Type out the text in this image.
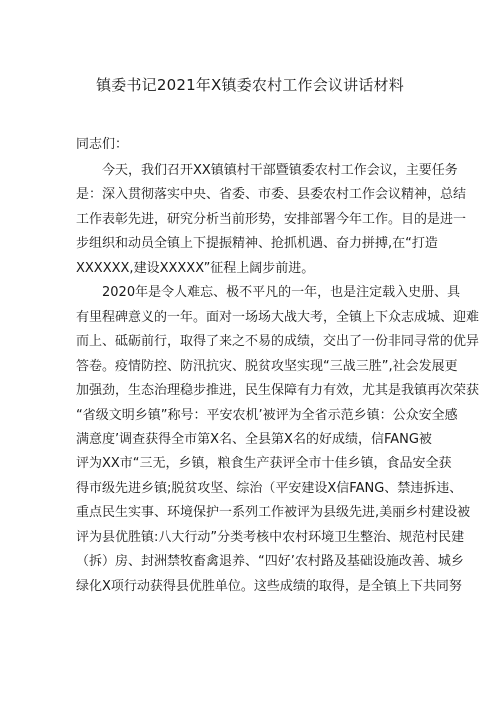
镇委书记2021年X镇委农村工作会议讲话材料
同志们：

今天，我们召开XX镇镇村干部暨镇委农村工作会议，主要任务
是：深入贯彻落实中央、省委、市委、县委农村工作会议精神，总结
工作表彰先进，研究分析当前形势，安排部署今年工作。目的是进一
步组织和动员全镇上下提振精神、抢抓机遇、奋力拼搏,在“打造
XXXXXX,建设XXXXX”征程上阔步前进。

2020年是令人难忘、极不平凡的一年，也是注定载入史册、具
有里程碑意义的一年。面对一场场大战大考，全镇上下众志成城、迎难
而上、砥砺前行，取得了来之不易的成绩，交出了一份非同寻常的优异
答卷。疫情防控、防汛抗灾、脱贫攻坚实现“三战三胜”,社会发展更
加强劲，生态治理稳步推进，民生保障有力有效，尤其是我镇再次荣获
“省级文明乡镇”称号：平安农机’被评为全省示范乡镇：公众安全感
满意度’调查获得全市第X名、全县第X名的好成绩，信FANG被
评为XX市“三无，乡镇，粮食生产获评全市十佳乡镇，食品安全获
得市级先进乡镇;脱贫攻坚、综治（平安建设X信FANG、禁违拆违、
重点民生实事、环境保护一系列工作被评为县级先进,美丽乡村建设被
评为县优胜镇:八大行动”分类考核中农村环境卫生整治、规范村民建
（拆）房、封洲禁牧畜禽退养、“四好’农村路及基础设施改善、城乡
绿化X项行动获得县优胜单位。这些成绩的取得，是全镇上下共同努
